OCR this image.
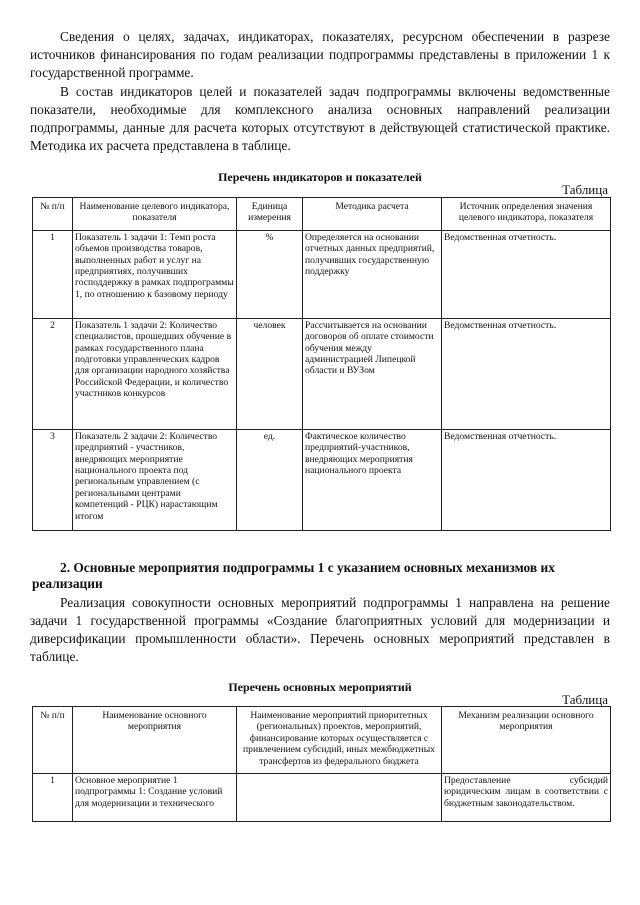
Сведения о целях, задачах, индикаторах, показателях, ресурсном обеспечении в разрезе источников финансирования по годам реализации подпрограммы представлены в приложении 1 к государственной программе.

В состав индикаторов целей и показателей задач подпрограммы включены ведомственные показатели, необходимые для комплексного анализа основных направлений реализации подпрограммы, данные для расчета которых отсутствуют в действующей статистической практике. Методика их расчета представлена в таблице.

Перечень индикаторов и показателей
Таблица
№ п/п	Наименование целевого индикатора, показателя	Единица измерения	Методика расчета	Источник определения значения целевого индикатора, показателя
1	Показатель 1 задачи 1: Темп роста объемов производства товаров, выполненных работ и услуг на предприятиях, получивших господдержку в рамках подпрограммы 1, по отношению к базовому периоду	%	Определяется на основании отчетных данных предприятий, получивших государственную поддержку	Ведомственная отчетность.
2	Показатель 1 задачи 2: Количество специалистов, прошедших обучение в рамках государственного плана подготовки управленческих кадров для организации народного хозяйства Российской Федерации, и количество участников конкурсов	человек	Рассчитывается на основании договоров об оплате стоимости обучения между администрацией Липецкой области и ВУЗом	Ведомственная отчетность.
3	Показатель 2 задачи 2: Количество предприятий - участников, внедряющих мероприятие национального проекта под региональным управлением (с региональными центрами компетенций - РЦК) нарастающим итогом	ед.	Фактическое количество предприятий-участников, внедряющих мероприятия национального проекта	Ведомственная отчетность.

2. Основные мероприятия подпрограммы 1 с указанием основных механизмов их реализации

Реализация совокупности основных мероприятий подпрограммы 1 направлена на решение задачи 1 государственной программы «Создание благоприятных условий для модернизации и диверсификации промышленности области». Перечень основных мероприятий представлен в таблице.

Перечень основных мероприятий
Таблица
№ п/п	Наименование основного мероприятия	Наименование мероприятий приоритетных (региональных) проектов, мероприятий, финансирование которых осуществляется с привлечением субсидий, иных межбюджетных трансфертов из федерального бюджета	Механизм реализации основного мероприятия
1	Основное мероприятие 1 подпрограммы 1: Создание условий для модернизации и технического		Предоставление субсидий юридическим лицам в соответствии с бюджетным законодательством.
